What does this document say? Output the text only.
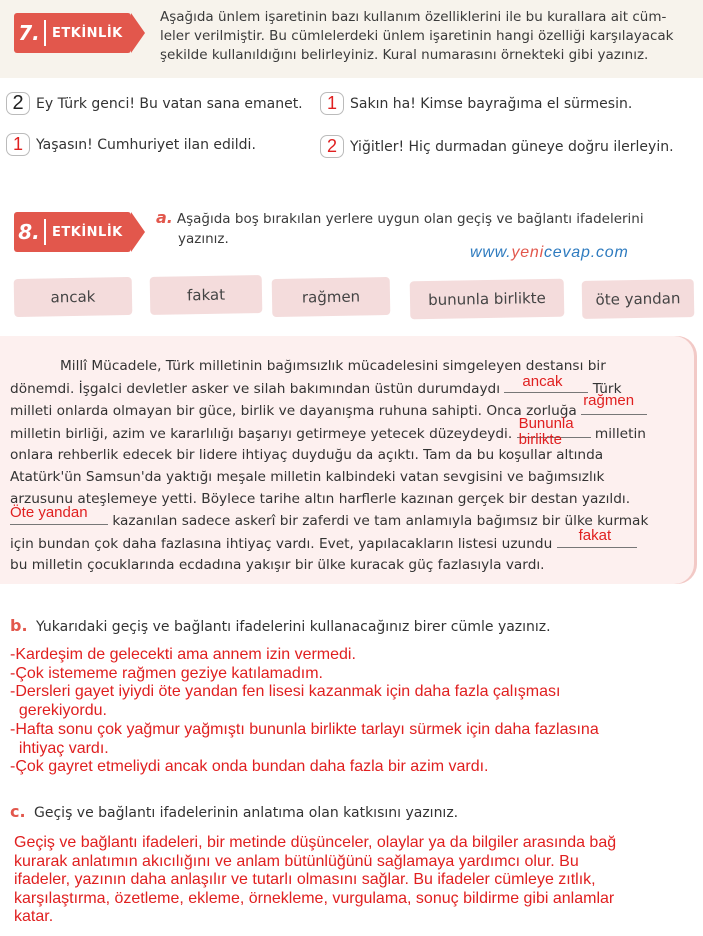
7. ETKİNLİK
Aşağıda ünlem işaretinin bazı kullanım özelliklerini ile bu kurallara ait cüm-
leler verilmiştir. Bu cümlelerdeki ünlem işaretinin hangi özelliği karşılayacak
şekilde kullanıldığını belirleyiniz. Kural numarasını örnekteki gibi yazınız.
2 Ey Türk genci! Bu vatan sana emanet. 1 Sakın ha! Kimse bayrağıma el sürmesin.
1 Yaşasın! Cumhuriyet ilan edildi.	2 Yiğitler! Hiç durmadan güneye doğru ilerleyin.
8. ETKİNLİK
a. Aşağıda boş bırakılan yerlere uygun olan geçiş ve bağlantı ifadelerini
yazınız.
www.yenicevap.com
ancak	fakat	rağmen	bununla birlikte	öte yandan
Millî Mücadele, Türk milletinin bağımsızlık mücadelesini simgeleyen destansı bir
dönemdi. İşgalci devletler asker ve silah bakımından üstün durumdaydı ancak Türk
milleti onlarda olmayan bir güce, birlik ve dayanışma ruhuna sahipti. Onca zorluğa
rağmen
milletin birliği, azim ve kararlılığı başarıyı getirmeye yetecek düzeydeydi.
Bununla
birlikte milletin
onlara rehberlik edecek bir lidere ihtiyaç duyduğu da açıktı. Tam da bu koşullar altında
Atatürk'ün Samsun'da yaktığı meşale milletin kalbindeki vatan sevgisini ve bağımsızlık
arzusunu ateşlemeye yetti. Böylece tarihe altın harflerle kazınan gerçek bir destan yazıldı.
Öte yandan kazanılan sadece askerî bir zaferdi ve tam anlamıyla bağımsız bir ülke kurmak
için bundan çok daha fazlasına ihtiyaç vardı. Evet, yapılacakların listesi uzundu fakat
bu milletin çocuklarında ecdadına yakışır bir ülke kuracak güç fazlasıyla vardı.
b. Yukarıdaki geçiş ve bağlantı ifadelerini kullanacağınız birer cümle yazınız.
-Kardeşim de gelecekti ama annem izin vermedi.
-Çok istememe rağmen geziye katılamadım.
-Dersleri gayet iyiydi öte yandan fen lisesi kazanmak için daha fazla çalışması
gerekiyordu.
-Hafta sonu çok yağmur yağmıştı bununla birlikte tarlayı sürmek için daha fazlasına
ihtiyaç vardı.
-Çok gayret etmeliydi ancak onda bundan daha fazla bir azim vardı.
c. Geçiş ve bağlantı ifadelerinin anlatıma olan katkısını yazınız.
Geçiş ve bağlantı ifadeleri, bir metinde düşünceler, olaylar ya da bilgiler arasında bağ
kurarak anlatımın akıcılığını ve anlam bütünlüğünü sağlamaya yardımcı olur. Bu
ifadeler, yazının daha anlaşılır ve tutarlı olmasını sağlar. Bu ifadeler cümleye zıtlık,
karşılaştırma, özetleme, ekleme, örnekleme, vurgulama, sonuç bildirme gibi anlamlar
katar.
